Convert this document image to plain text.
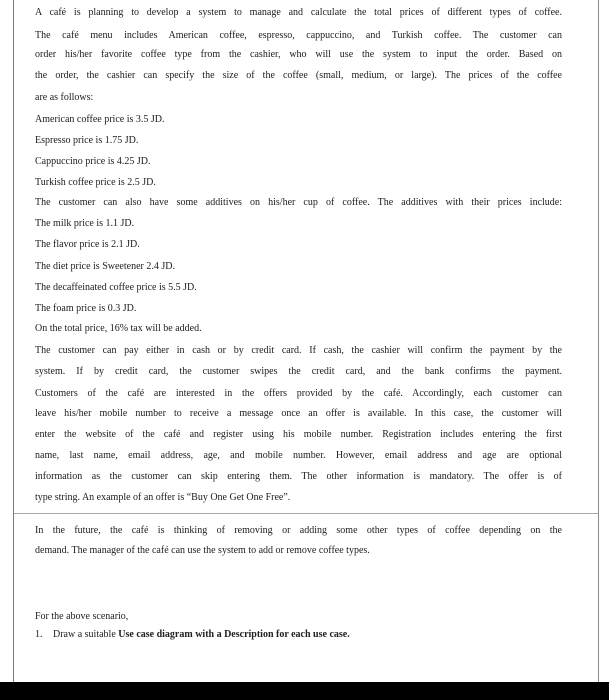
A café is planning to develop a system to manage and calculate the total prices of different types of coffee.

The café menu includes American coffee, espresso, cappuccino, and Turkish coffee. The customer can

order his/her favorite coffee type from the cashier, who will use the system to input the order. Based on

the order, the cashier can specify the size of the coffee (small, medium, or large). The prices of the coffee

are as follows:

American coffee price is 3.5 JD.

Espresso price is 1.75 JD.

Cappuccino price is 4.25 JD.

Turkish coffee price is 2.5 JD.

The customer can also have some additives on his/her cup of coffee. The additives with their prices include:

The milk price is 1.1 JD.

The flavor price is 2.1 JD.

The diet price is Sweetener 2.4 JD.

The decaffeinated coffee price is 5.5 JD.

The foam price is 0.3 JD.

On the total price, 16% tax will be added.

The customer can pay either in cash or by credit card. If cash, the cashier will confirm the payment by the

system. If by credit card, the customer swipes the credit card, and the bank confirms the payment.

Customers of the café are interested in the offers provided by the café. Accordingly, each customer can

leave his/her mobile number to receive a message once an offer is available. In this case, the customer will

enter the website of the café and register using his mobile number. Registration includes entering the first

name, last name, email address, age, and mobile number. However, email address and age are optional

information as the customer can skip entering them. The other information is mandatory. The offer is of

type string. An example of an offer is “Buy One Get One Free”.

In the future, the café is thinking of removing or adding some other types of coffee depending on the

demand. The manager of the café can use the system to add or remove coffee types.

For the above scenario,

1. Draw a suitable Use case diagram with a Description for each use case.
